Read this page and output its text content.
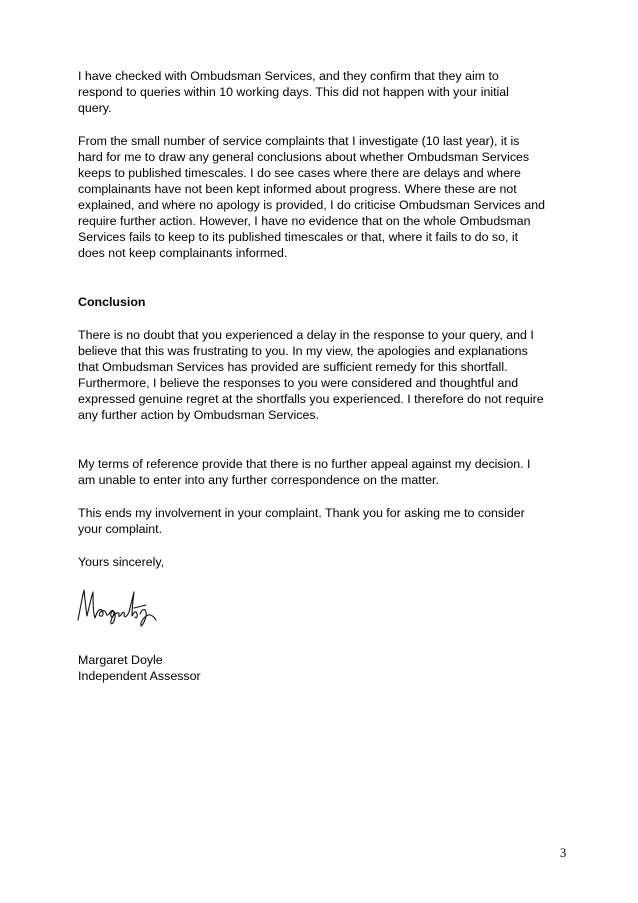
I have checked with Ombudsman Services, and they confirm that they aim to
respond to queries within 10 working days. This did not happen with your initial
query.

From the small number of service complaints that I investigate (10 last year), it is
hard for me to draw any general conclusions about whether Ombudsman Services
keeps to published timescales. I do see cases where there are delays and where
complainants have not been kept informed about progress. Where these are not
explained, and where no apology is provided, I do criticise Ombudsman Services and
require further action. However, I have no evidence that on the whole Ombudsman
Services fails to keep to its published timescales or that, where it fails to do so, it
does not keep complainants informed.

Conclusion

There is no doubt that you experienced a delay in the response to your query, and I
believe that this was frustrating to you. In my view, the apologies and explanations
that Ombudsman Services has provided are sufficient remedy for this shortfall.
Furthermore, I believe the responses to you were considered and thoughtful and
expressed genuine regret at the shortfalls you experienced. I therefore do not require
any further action by Ombudsman Services.

My terms of reference provide that there is no further appeal against my decision. I
am unable to enter into any further correspondence on the matter.

This ends my involvement in your complaint. Thank you for asking me to consider
your complaint.

Yours sincerely,

Margaret Doyle

Independent Assessor

3
